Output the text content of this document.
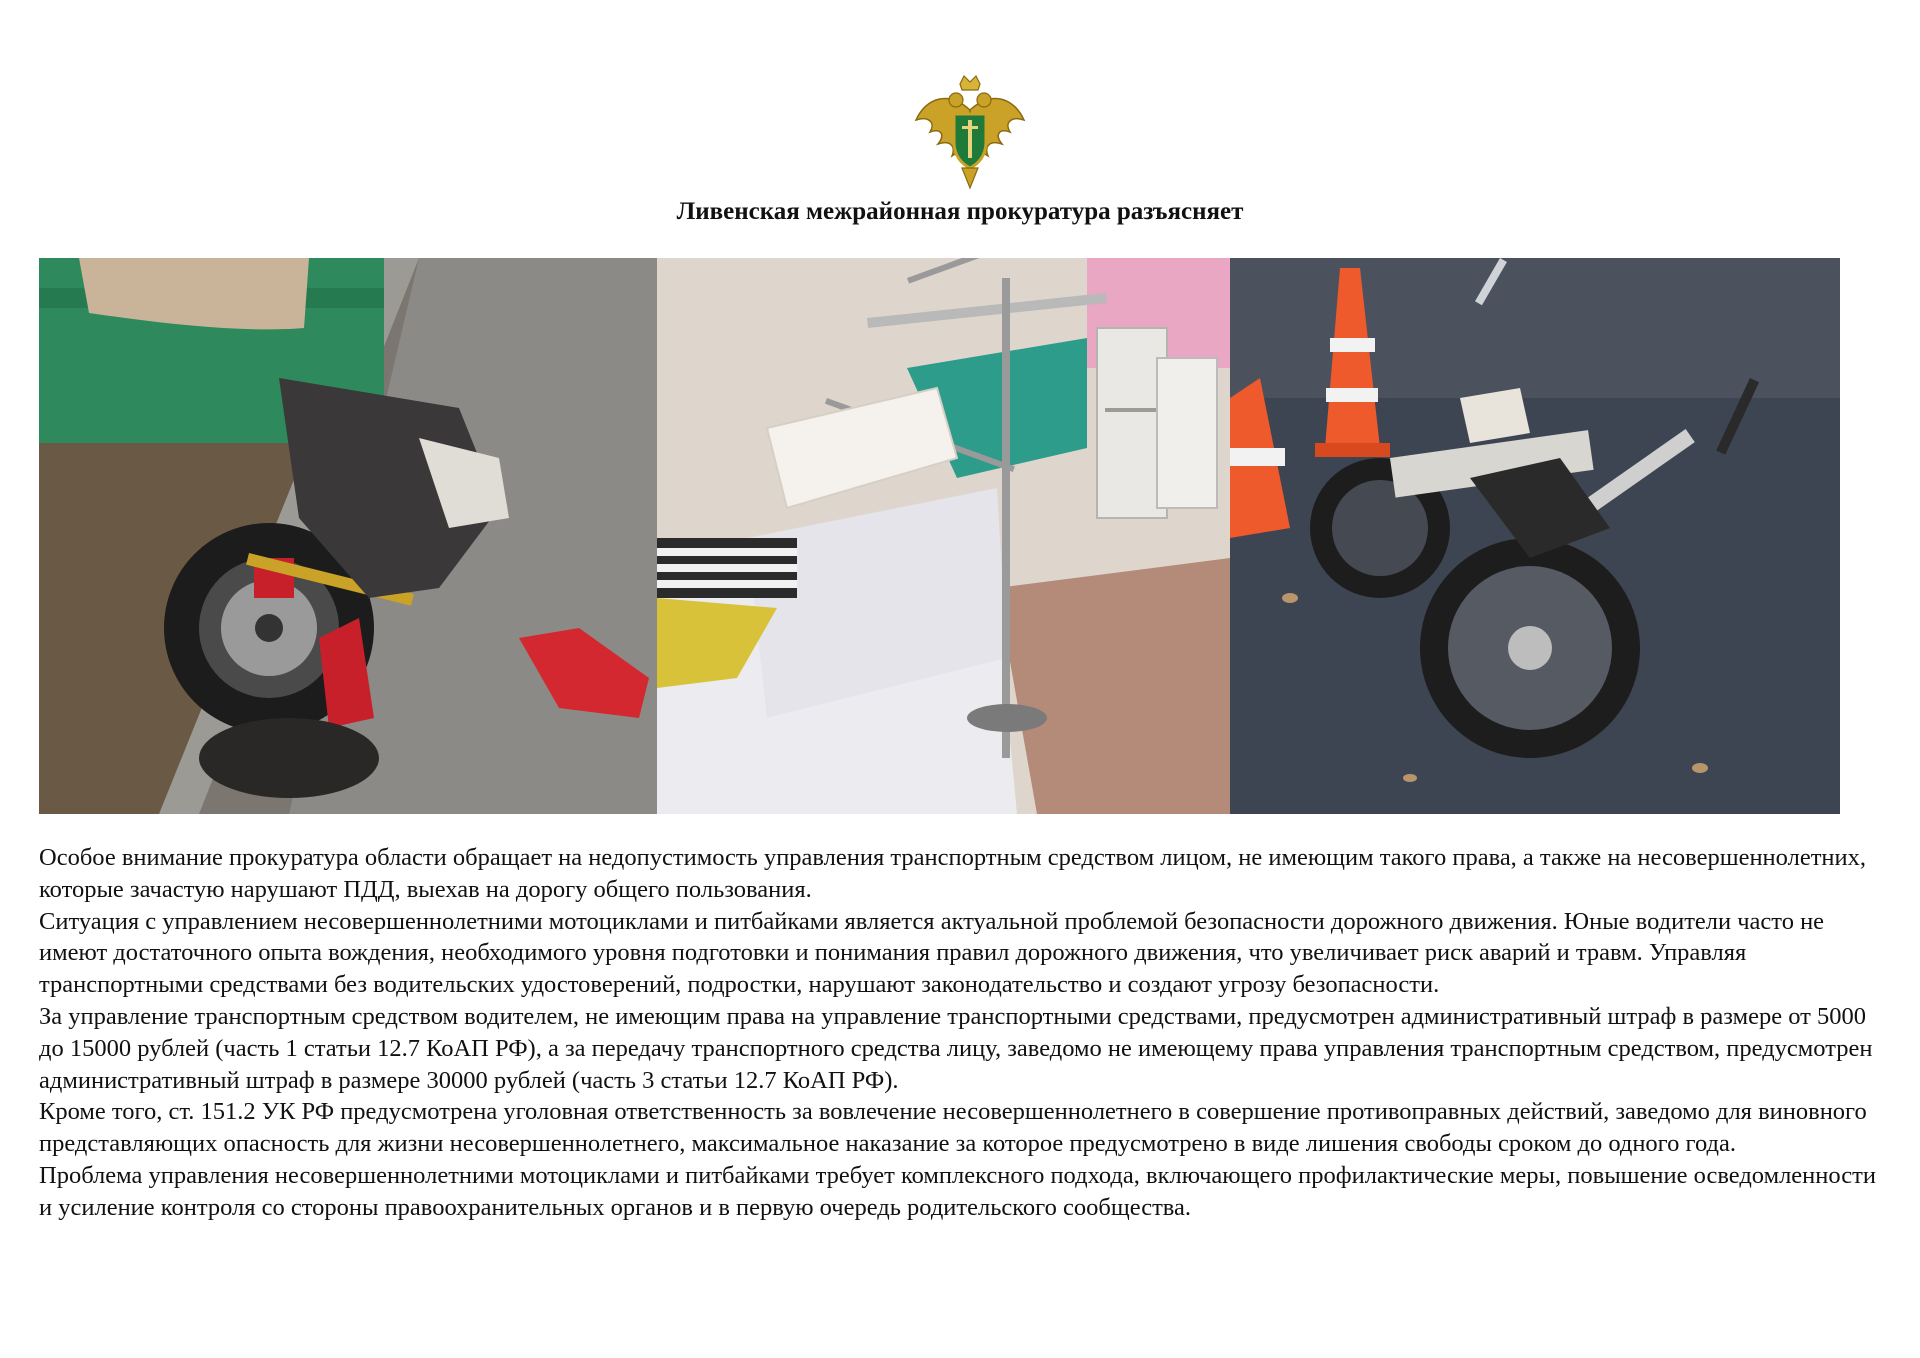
Ливенская межрайонная прокуратура разъясняет

Особое внимание прокуратура области обращает на недопустимость управления транспортным средством лицом, не имеющим такого права, а также на несовершеннолетних, которые зачастую нарушают ПДД, выехав на дорогу общего пользования.

Ситуация с управлением несовершеннолетними мотоциклами и питбайками является актуальной проблемой безопасности дорожного движения. Юные водители часто не имеют достаточного опыта вождения, необходимого уровня подготовки и понимания правил дорожного движения, что увеличивает риск аварий и травм. Управляя транспортными средствами без водительских удостоверений, подростки, нарушают законодательство и создают угрозу безопасности.

За управление транспортным средством водителем, не имеющим права на управление транспортными средствами, предусмотрен административный штраф в размере от 5000 до 15000 рублей (часть 1 статьи 12.7 КоАП РФ), а за передачу транспортного средства лицу, заведомо не имеющему права управления транспортным средством, предусмотрен административный штраф в размере 30000 рублей (часть 3 статьи 12.7 КоАП РФ).

Кроме того, ст. 151.2 УК РФ предусмотрена уголовная ответственность за вовлечение несовершеннолетнего в совершение противоправных действий, заведомо для виновного представляющих опасность для жизни несовершеннолетнего, максимальное наказание за которое предусмотрено в виде лишения свободы сроком до одного года.

Проблема управления несовершеннолетними мотоциклами и питбайками требует комплексного подхода, включающего профилактические меры, повышение осведомленности и усиление контроля со стороны правоохранительных органов и в первую очередь родительского сообщества.
